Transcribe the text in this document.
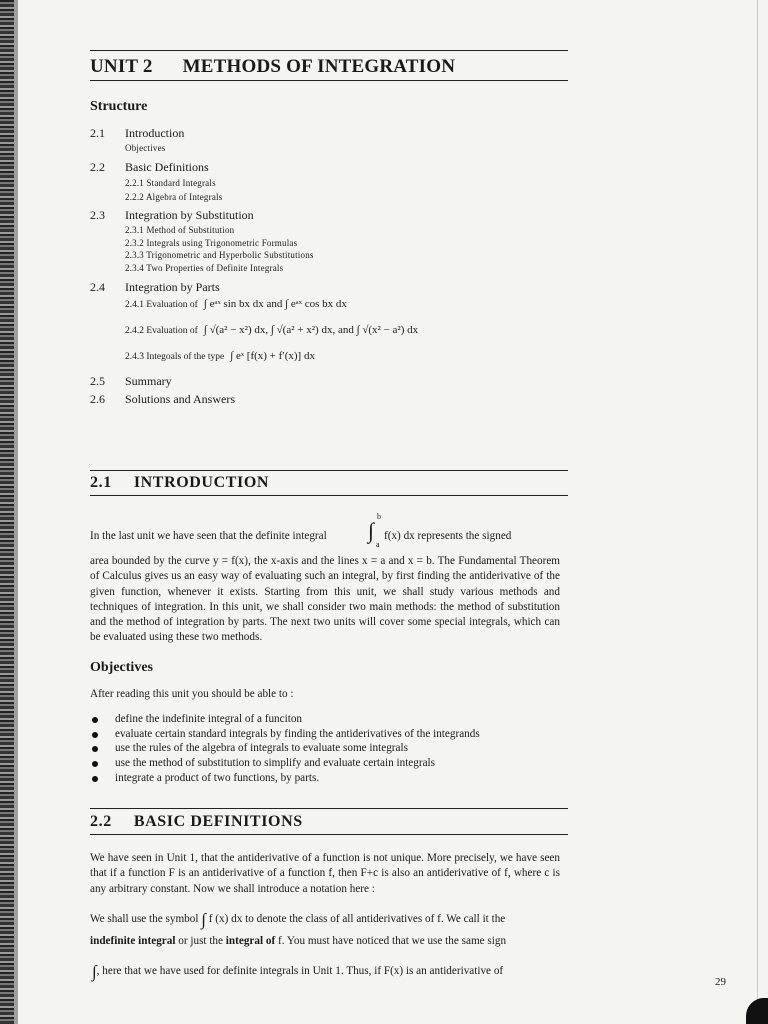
UNIT 2 METHODS OF INTEGRATION
Structure
2.1 Introduction
Objectives
2.2 Basic Definitions
2.2.1 Standard Integrals
2.2.2 Algebra of Integrals
2.3 Integration by Substitution
2.3.1 Method of Substitution
2.3.2 Integrals using Trigonometric Formulas
2.3.3 Trigonometric and Hyperbolic Substitutions
2.3.4 Two Properties of Definite Integrals
2.4 Integration by Parts
2.4.1 Evaluation of ∫ eᵃˣ sin bx dx and ∫ eᵃˣ cos bx dx
2.4.2 Evaluation of ∫ √(a² − x²) dx, ∫ √(a² + x²) dx, and ∫ √(x² − a²) dx
2.4.3 Integoals of the type ∫ eˣ [f(x) + f′(x)] dx
2.5 Summary
2.6 Solutions and Answers
2.1 INTRODUCTION
In the last unit we have seen that the definite integral ∫
b
a
f(x) dx represents the signed
area bounded by the curve y = f(x), the x-axis and the lines x = a and x = b. The Fundamental Theorem of Calculus gives us an easy way of evaluating such an integral, by first finding the antiderivative of the given function, whenever it exists. Starting from this unit, we shall study various methods and techniques of integration. In this unit, we shall consider two main methods: the method of substitution and the method of integration by parts. The next two units will cover some special integrals, which can be evaluated using these two methods.
Objectives
After reading this unit you should be able to :
define the indefinite integral of a funciton
evaluate certain standard integrals by finding the antiderivatives of the integrands
use the rules of the algebra of integrals to evaluate some integrals
use the method of substitution to simplify and evaluate certain integrals
integrate a product of two functions, by parts.
2.2 BASIC DEFINITIONS
We have seen in Unit 1, that the antiderivative of a function is not unique. More precisely, we have seen that if a function F is an antiderivative of a function f, then F+c is also an antiderivative of f, where c is any arbitrary constant. Now we shall introduce a notation here :
We shall use the symbol ∫ f (x) dx to denote the class of all antiderivatives of f. We call it the
indefinite integral or just the integral of f. You must have noticed that we use the same sign
∫, here that we have used for definite integrals in Unit 1. Thus, if F(x) is an antiderivative of
29
